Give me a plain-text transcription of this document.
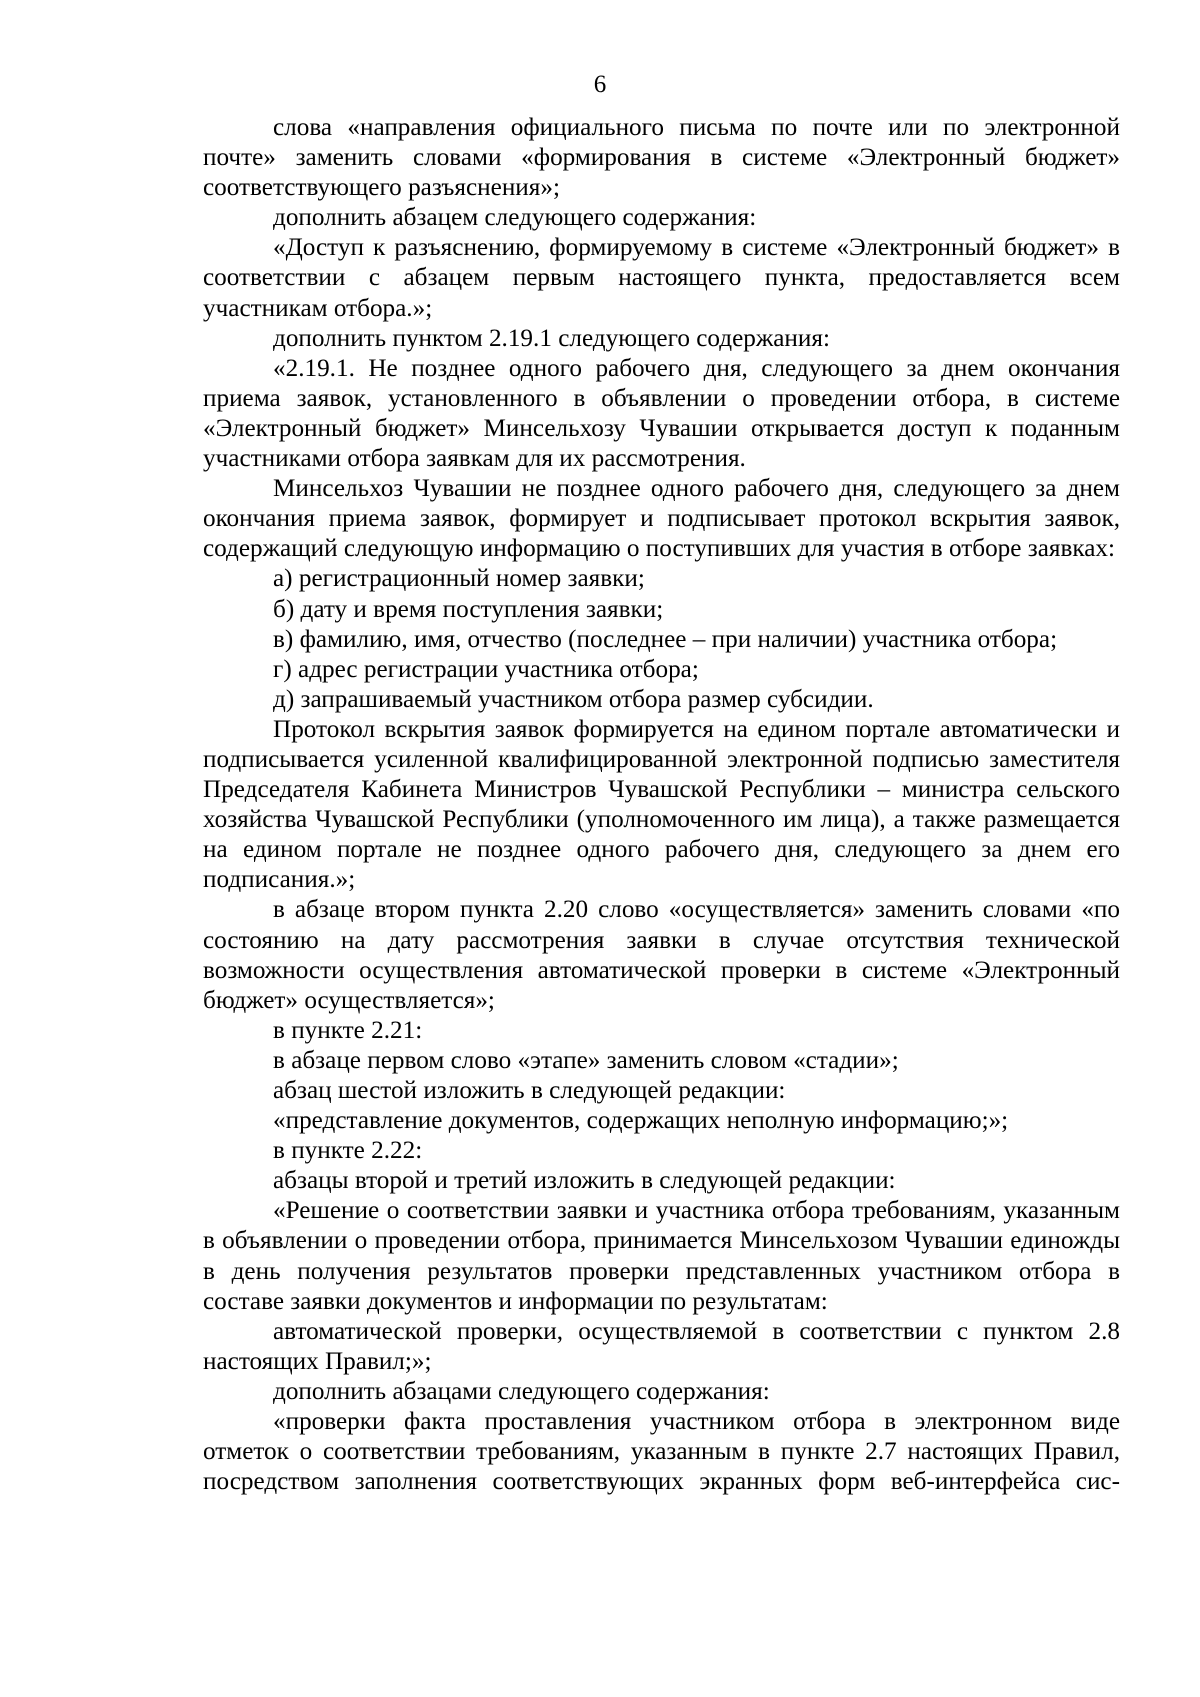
6

слова «направления официального письма по почте или по электронной почте» заменить словами «формирования в системе «Электронный бюджет» соответствующего разъяснения»;

дополнить абзацем следующего содержания:

«Доступ к разъяснению, формируемому в системе «Электронный бюджет» в соответствии с абзацем первым настоящего пункта, предоставляется всем участникам отбора.»;

дополнить пунктом 2.19.1 следующего содержания:

«2.19.1. Не позднее одного рабочего дня, следующего за днем окончания приема заявок, установленного в объявлении о проведении отбора, в системе «Электронный бюджет» Минсельхозу Чувашии открывается доступ к поданным участниками отбора заявкам для их рассмотрения.

Минсельхоз Чувашии не позднее одного рабочего дня, следующего за днем окончания приема заявок, формирует и подписывает протокол вскрытия заявок, содержащий следующую информацию о поступивших для участия в отборе заявках:

а) регистрационный номер заявки;

б) дату и время поступления заявки;

в) фамилию, имя, отчество (последнее – при наличии) участника отбора;

г) адрес регистрации участника отбора;

д) запрашиваемый участником отбора размер субсидии.

Протокол вскрытия заявок формируется на едином портале автоматически и подписывается усиленной квалифицированной электронной подписью заместителя Председателя Кабинета Министров Чувашской Республики – министра сельского хозяйства Чувашской Республики (уполномоченного им лица), а также размещается на едином портале не позднее одного рабочего дня, следующего за днем его подписания.»;

в абзаце втором пункта 2.20 слово «осуществляется» заменить словами «по состоянию на дату рассмотрения заявки в случае отсутствия технической возможности осуществления автоматической проверки в системе «Электронный бюджет» осуществляется»;

в пункте 2.21:

в абзаце первом слово «этапе» заменить словом «стадии»;

абзац шестой изложить в следующей редакции:

«представление документов, содержащих неполную информацию;»;

в пункте 2.22:

абзацы второй и третий изложить в следующей редакции:

«Решение о соответствии заявки и участника отбора требованиям, указанным в объявлении о проведении отбора, принимается Минсельхозом Чувашии единожды в день получения результатов проверки представленных участником отбора в составе заявки документов и информации по результатам:

автоматической проверки, осуществляемой в соответствии с пунктом 2.8 настоящих Правил;»;

дополнить абзацами следующего содержания:

«проверки факта проставления участником отбора в электронном виде отметок о соответствии требованиям, указанным в пункте 2.7 настоящих Правил, посредством заполнения соответствующих экранных форм веб-интерфейса сис-
